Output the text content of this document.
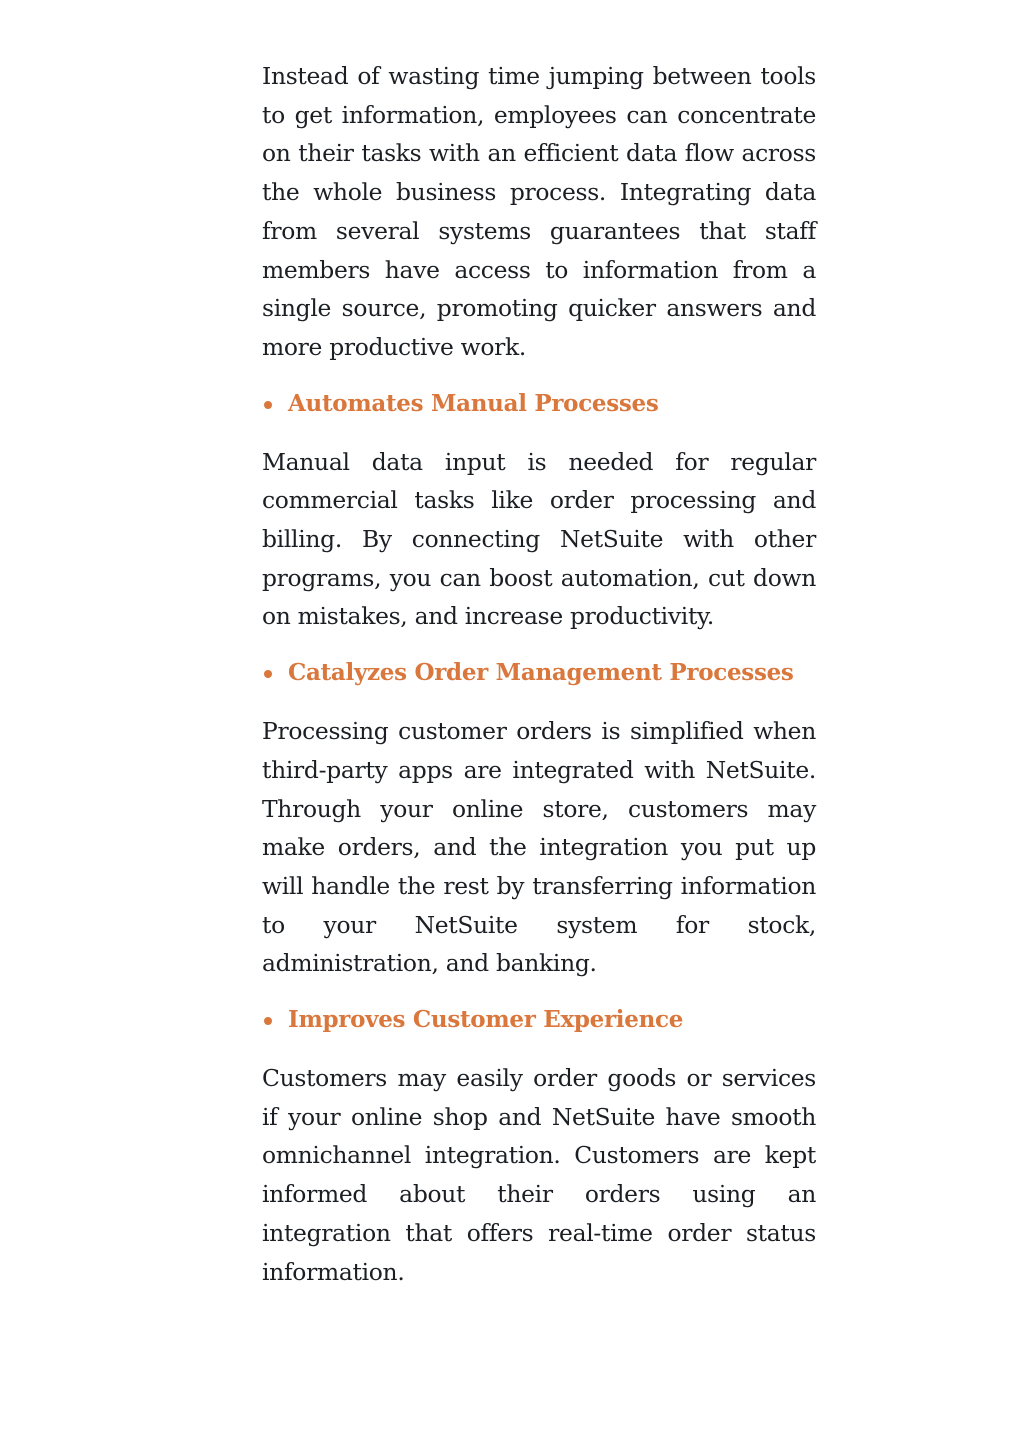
Instead of wasting time jumping between tools to get information, employees can concentrate on their tasks with an efficient data flow across the whole business process. Integrating data from several systems guarantees that staff members have access to information from a single source, promoting quicker answers and more productive work.

Automates Manual Processes

Manual data input is needed for regular commercial tasks like order processing and billing. By connecting NetSuite with other programs, you can boost automation, cut down on mistakes, and increase productivity.

Catalyzes Order Management Processes

Processing customer orders is simplified when third-party apps are integrated with NetSuite. Through your online store, customers may make orders, and the integration you put up will handle the rest by transferring information to your NetSuite system for stock, administration, and banking.

Improves Customer Experience

Customers may easily order goods or services if your online shop and NetSuite have smooth omnichannel integration. Customers are kept informed about their orders using an integration that offers real-time order status information.
